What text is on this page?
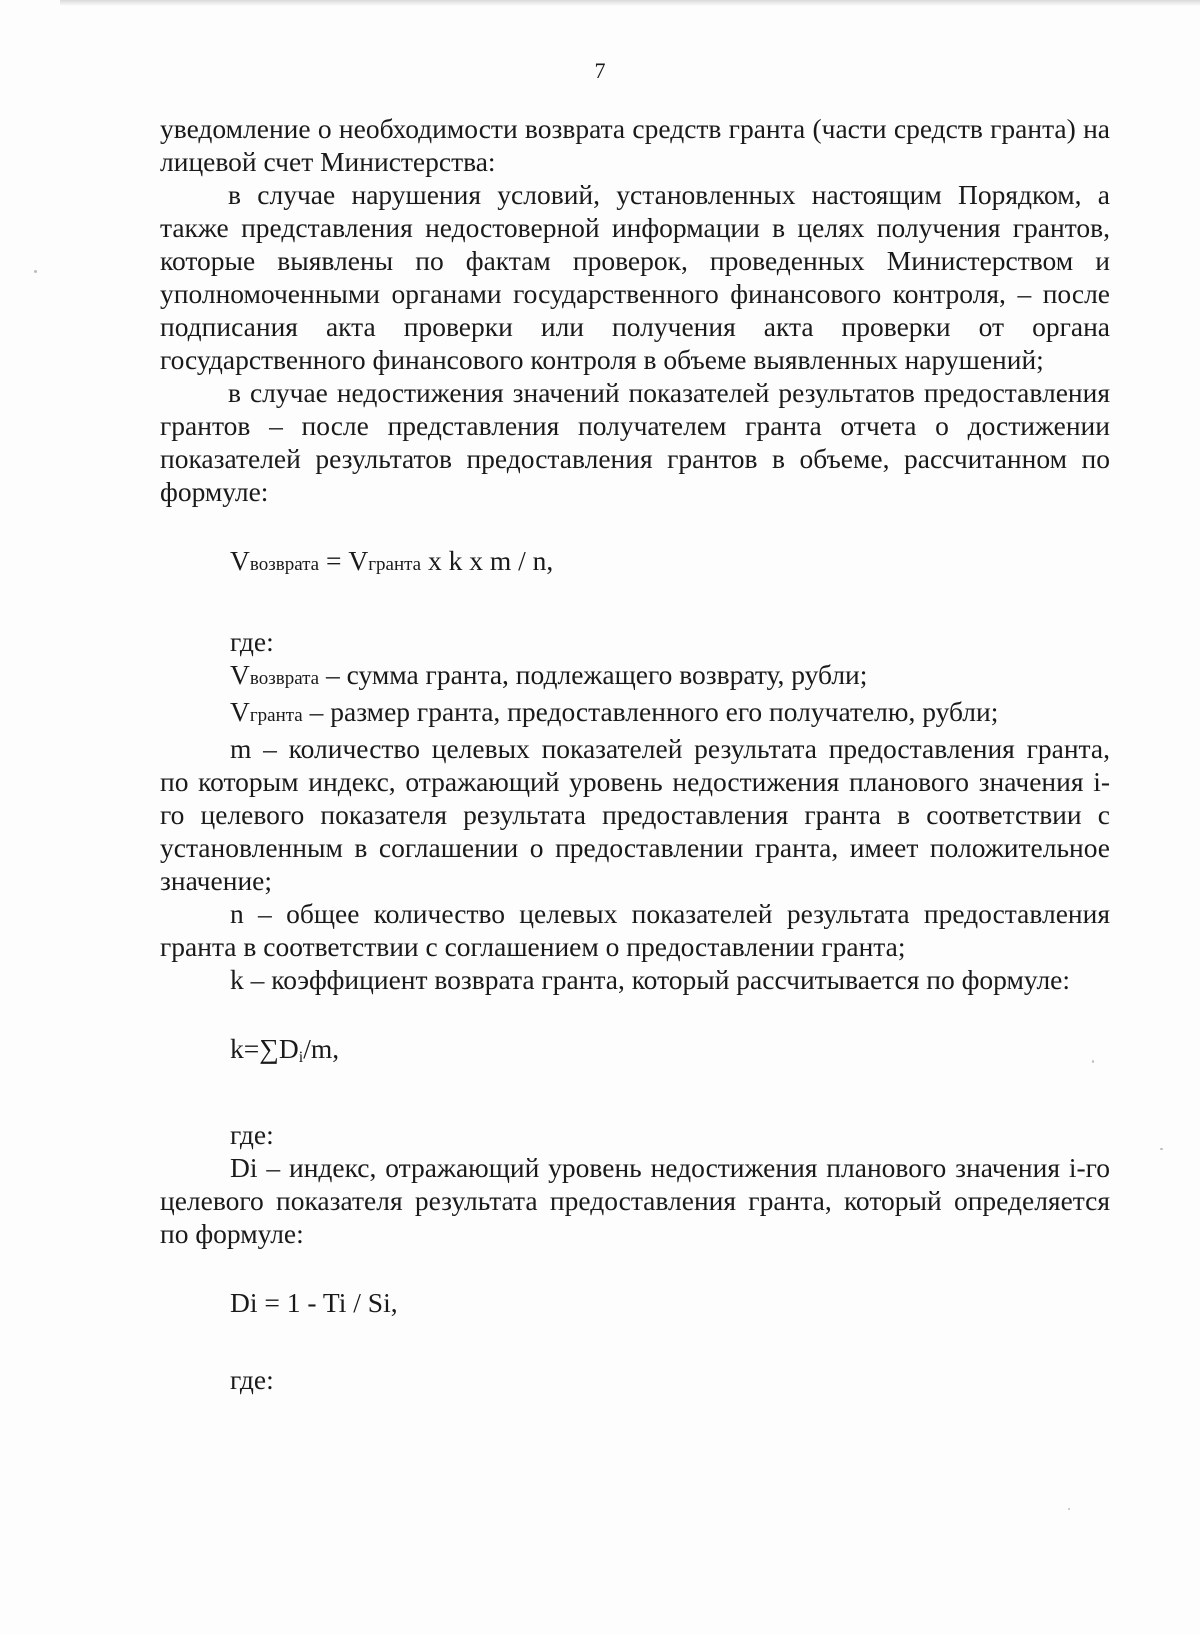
7

уведомление о необходимости возврата средств гранта (части средств гранта) на лицевой счет Министерства:

в случае нарушения условий, установленных настоящим Порядком, а также представления недостоверной информации в целях получения грантов, которые выявлены по фактам проверок, проведенных Министерством и уполномоченными органами государственного финансового контроля, – после подписания акта проверки или получения акта проверки от органа государственного финансового контроля в объеме выявленных нарушений;

в случае недостижения значений показателей результатов предоставления грантов – после представления получателем гранта отчета о достижении показателей результатов предоставления грантов в объеме, рассчитанном по формуле:

Vвозврата = Vгранта x k x m / n,

где:

Vвозврата – сумма гранта, подлежащего возврату, рубли;

Vгранта – размер гранта, предоставленного его получателю, рубли;

m – количество целевых показателей результата предоставления гранта, по которым индекс, отражающий уровень недостижения планового значения i-го целевого показателя результата предоставления гранта в соответствии с установленным в соглашении о предоставлении гранта, имеет положительное значение;

n – общее количество целевых показателей результата предоставления гранта в соответствии с соглашением о предоставлении гранта;

k – коэффициент возврата гранта, который рассчитывается по формуле:

$k=\sum D_i/m$,

где:

Di – индекс, отражающий уровень недостижения планового значения i-го целевого показателя результата предоставления гранта, который определяется по формуле:

Di = 1 - Ti / Si,

где:
